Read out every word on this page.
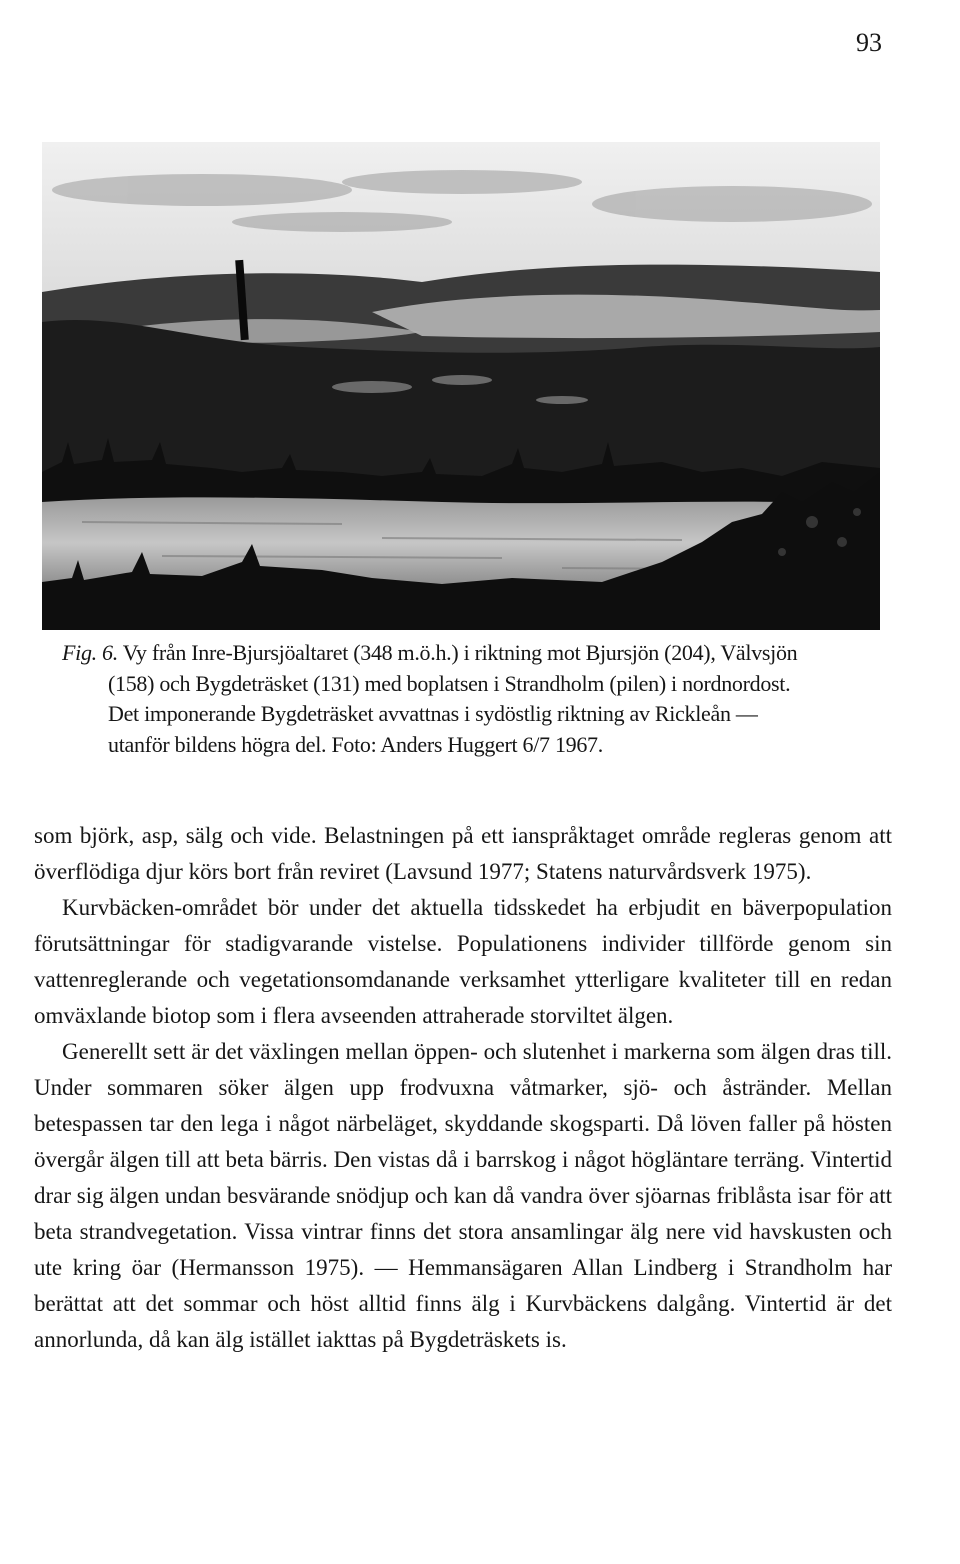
93
Fig. 6. Vy från Inre-Bjursjöaltaret (348 m.ö.h.) i riktning mot Bjursjön (204), Välvsjön
(158) och Bygdeträsket (131) med boplatsen i Strandholm (pilen) i nordnordost.
Det imponerande Bygdeträsket avvattnas i sydöstlig riktning av Rickleån —
utanför bildens högra del. Foto: Anders Huggert 6/7 1967.

som björk, asp, sälg och vide. Belastningen på ett ianspråktaget område regleras genom att överflödiga djur körs bort från reviret (Lavsund 1977; Statens naturvårdsverk 1975).

Kurvbäcken-området bör under det aktuella tidsskedet ha erbjudit en bäverpopulation förutsättningar för stadigvarande vistelse. Populationens individer tillförde genom sin vattenreglerande och vegetationsomdanande verksamhet ytterligare kvaliteter till en redan omväxlande biotop som i flera avseenden attraherade storviltet älgen.

Generellt sett är det växlingen mellan öppen- och slutenhet i markerna som älgen dras till. Under sommaren söker älgen upp frodvuxna våtmarker, sjö- och åstränder. Mellan betespassen tar den lega i något närbeläget, skyddande skogsparti. Då löven faller på hösten övergår älgen till att beta bärris. Den vistas då i barrskog i något högläntare terräng. Vintertid drar sig älgen undan besvärande snödjup och kan då vandra över sjöarnas friblåsta isar för att beta strandvegetation. Vissa vintrar finns det stora ansamlingar älg nere vid havskusten och ute kring öar (Hermansson 1975). — Hemmansägaren Allan Lindberg i Strandholm har berättat att det sommar och höst alltid finns älg i Kurvbäckens dalgång. Vintertid är det annorlunda, då kan älg istället iakttas på Bygdeträskets is.
